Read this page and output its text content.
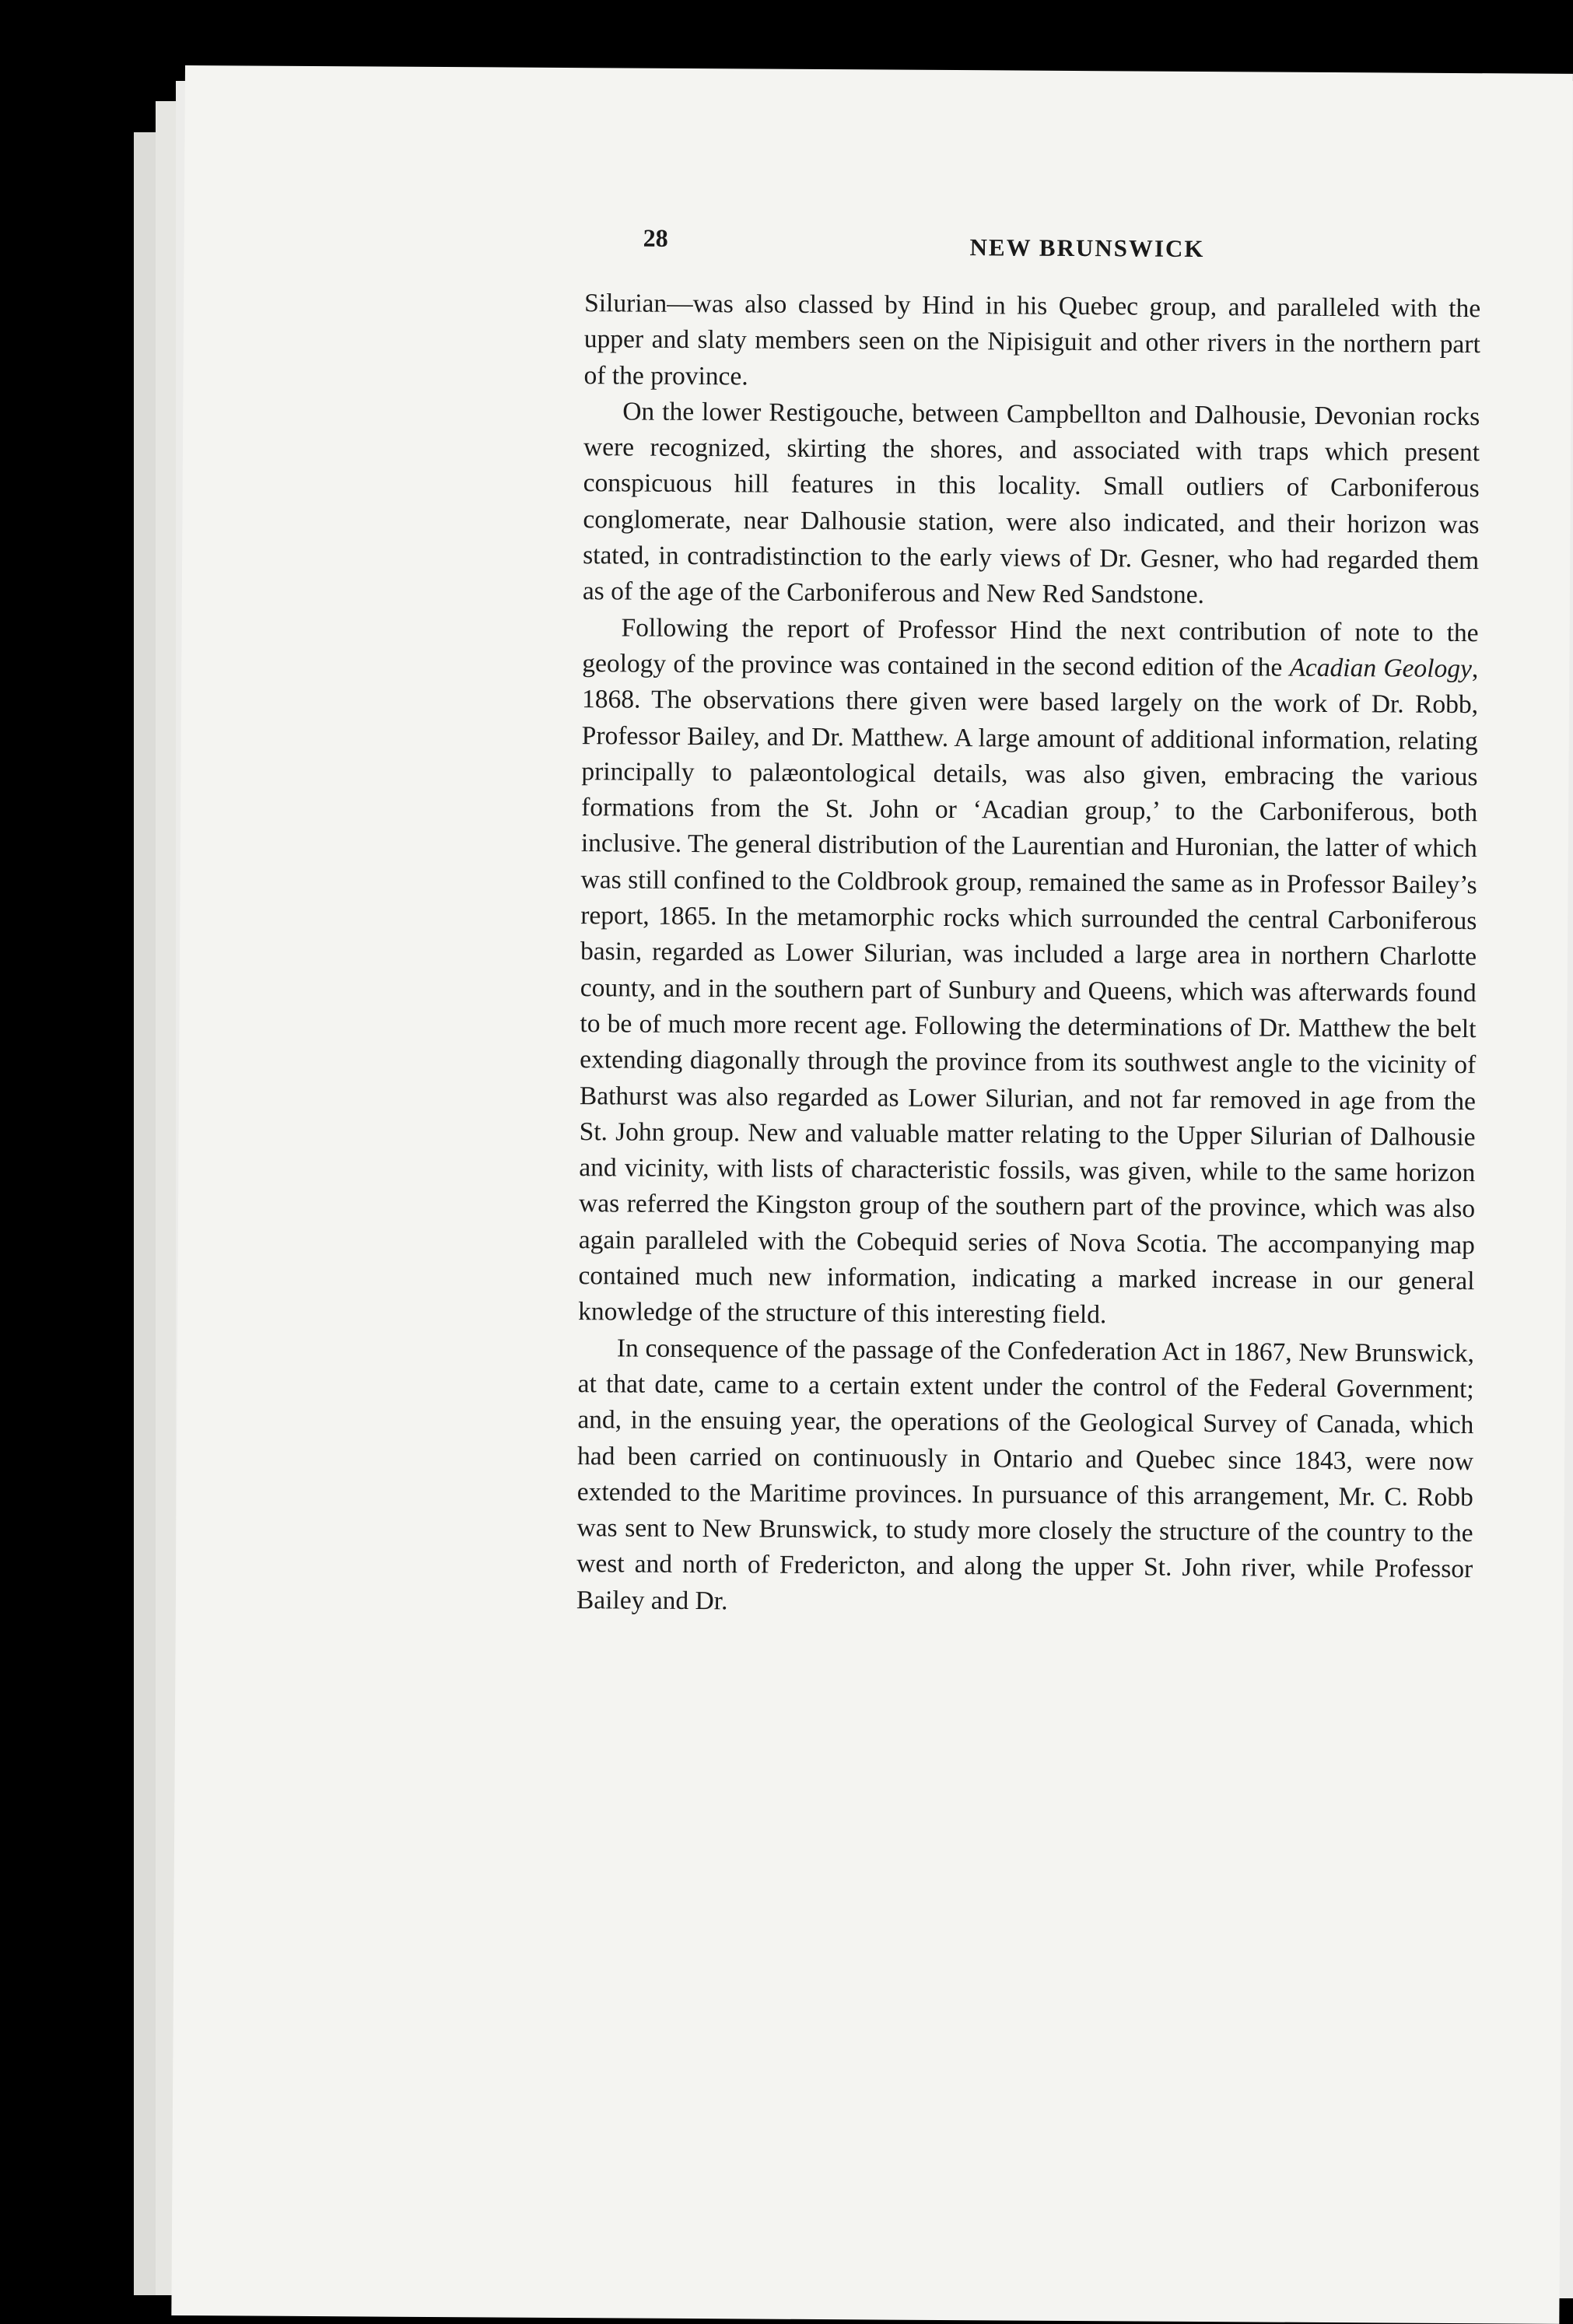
28	NEW BRUNSWICK

Silurian—was also classed by Hind in his Quebec group, and paralleled with the upper and slaty members seen on the Nipisiguit and other rivers in the northern part of the province.

On the lower Restigouche, between Campbellton and Dalhousie, Devonian rocks were recognized, skirting the shores, and associated with traps which present conspicuous hill features in this locality. Small outliers of Carboniferous conglomerate, near Dalhousie station, were also indicated, and their horizon was stated, in contradistinction to the early views of Dr. Gesner, who had regarded them as of the age of the Carboniferous and New Red Sandstone.

Following the report of Professor Hind the next contribution of note to the geology of the province was contained in the second edition of the Acadian Geology, 1868. The observations there given were based largely on the work of Dr. Robb, Professor Bailey, and Dr. Matthew. A large amount of additional information, relating principally to palæontological details, was also given, embracing the various formations from the St. John or ‘Acadian group,’ to the Carboniferous, both inclusive. The general distribution of the Laurentian and Huronian, the latter of which was still confined to the Coldbrook group, remained the same as in Professor Bailey’s report, 1865. In the metamorphic rocks which surrounded the central Carboniferous basin, regarded as Lower Silurian, was included a large area in northern Charlotte county, and in the southern part of Sunbury and Queens, which was afterwards found to be of much more recent age. Following the determinations of Dr. Matthew the belt extending diagonally through the province from its southwest angle to the vicinity of Bathurst was also regarded as Lower Silurian, and not far removed in age from the St. John group. New and valuable matter relating to the Upper Silurian of Dalhousie and vicinity, with lists of characteristic fossils, was given, while to the same horizon was referred the Kingston group of the southern part of the province, which was also again paralleled with the Cobequid series of Nova Scotia. The accompanying map contained much new information, indicating a marked increase in our general knowledge of the structure of this interesting field.

In consequence of the passage of the Confederation Act in 1867, New Brunswick, at that date, came to a certain extent under the control of the Federal Government; and, in the ensuing year, the operations of the Geological Survey of Canada, which had been carried on continuously in Ontario and Quebec since 1843, were now extended to the Maritime provinces. In pursuance of this arrangement, Mr. C. Robb was sent to New Brunswick, to study more closely the structure of the country to the west and north of Fredericton, and along the upper St. John river, while Professor Bailey and Dr.
